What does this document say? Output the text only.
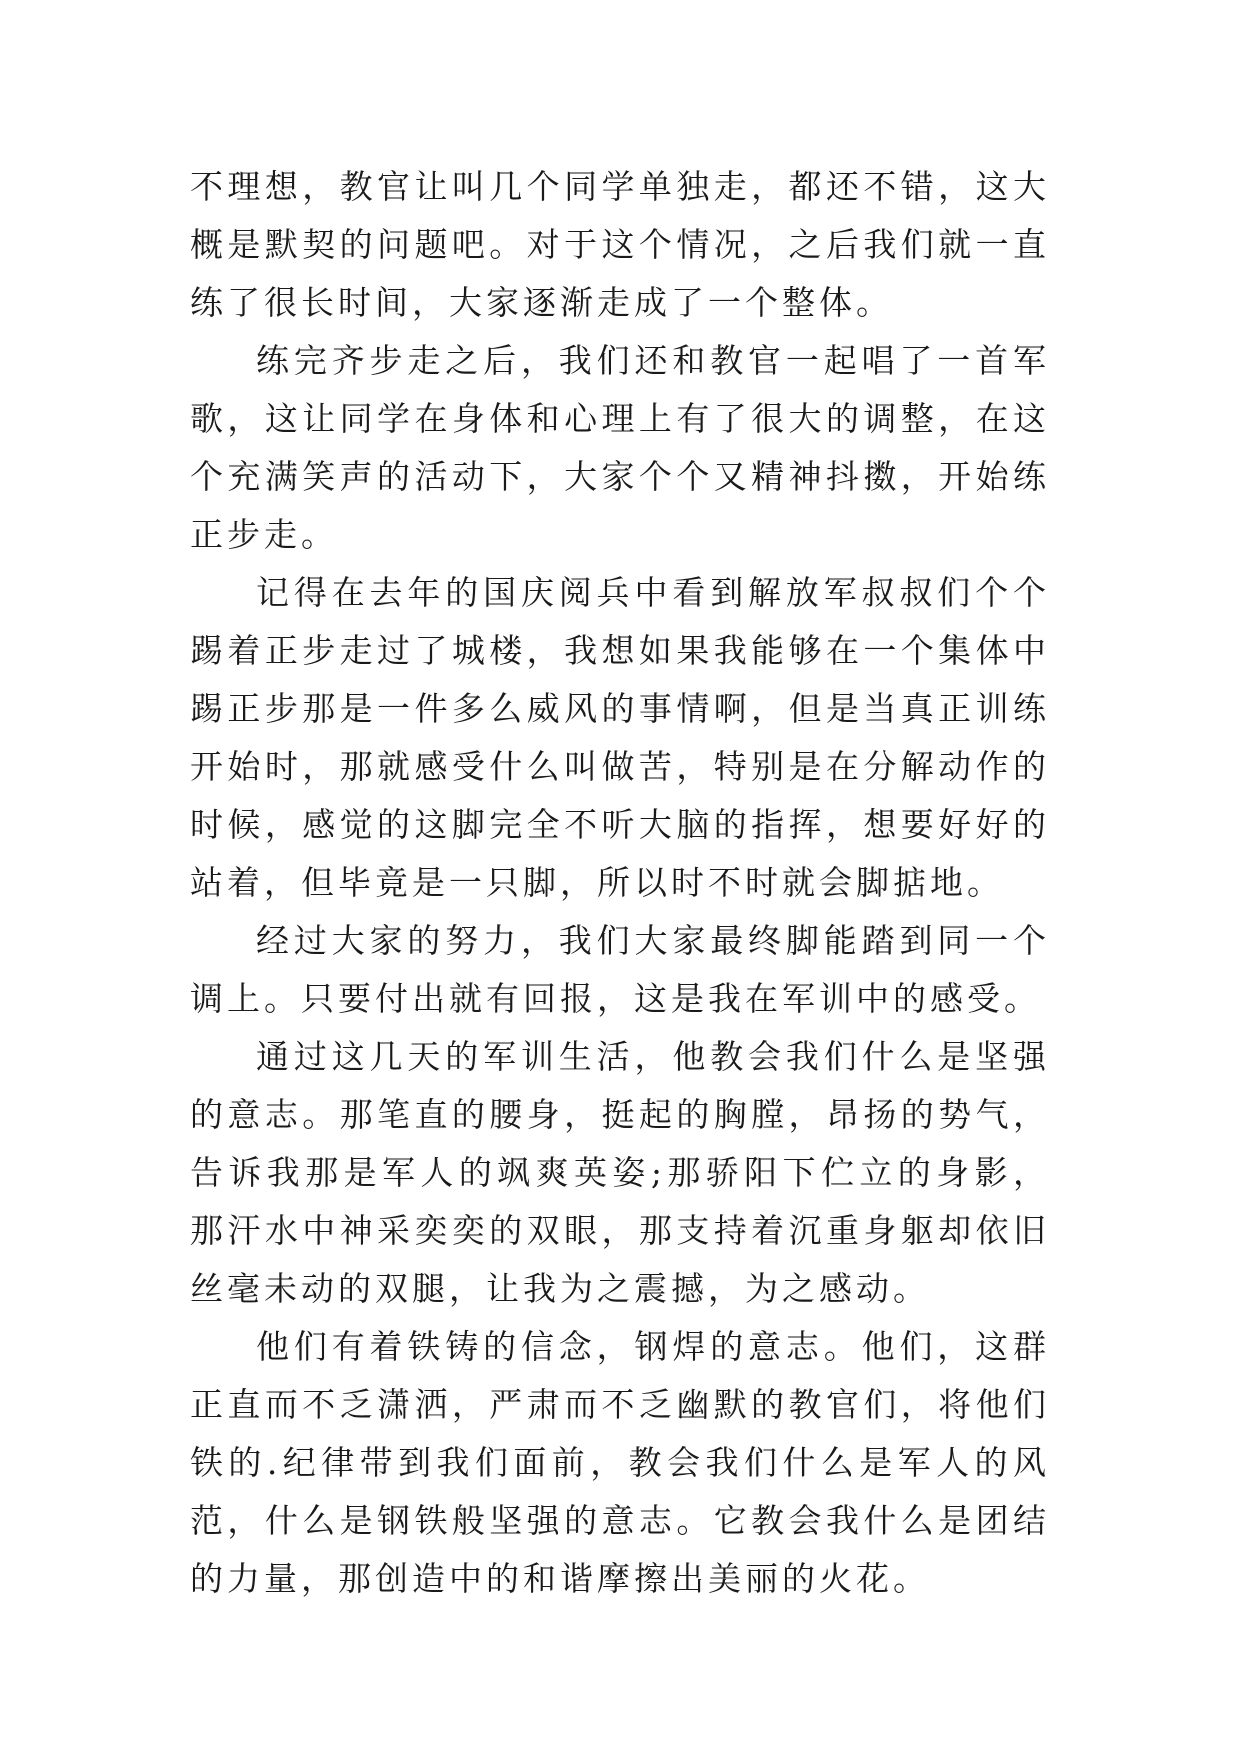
不理想，教官让叫几个同学单独走，都还不错，这大概是默契的问题吧。对于这个情况，之后我们就一直练了很长时间，大家逐渐走成了一个整体。

练完齐步走之后，我们还和教官一起唱了一首军歌，这让同学在身体和心理上有了很大的调整，在这个充满笑声的活动下，大家个个又精神抖擞，开始练正步走。

记得在去年的国庆阅兵中看到解放军叔叔们个个踢着正步走过了城楼，我想如果我能够在一个集体中踢正步那是一件多么威风的事情啊，但是当真正训练开始时，那就感受什么叫做苦，特别是在分解动作的时候，感觉的这脚完全不听大脑的指挥，想要好好的站着，但毕竟是一只脚，所以时不时就会脚掂地。

经过大家的努力，我们大家最终脚能踏到同一个调上。只要付出就有回报，这是我在军训中的感受。

通过这几天的军训生活，他教会我们什么是坚强的意志。那笔直的腰身，挺起的胸膛，昂扬的势气，告诉我那是军人的飒爽英姿;那骄阳下伫立的身影，那汗水中神采奕奕的双眼，那支持着沉重身躯却依旧丝毫未动的双腿，让我为之震撼，为之感动。

他们有着铁铸的信念，钢焊的意志。他们，这群正直而不乏潇洒，严肃而不乏幽默的教官们，将他们铁的.纪律带到我们面前，教会我们什么是军人的风范，什么是钢铁般坚强的意志。它教会我什么是团结的力量，那创造中的和谐摩擦出美丽的火花。
